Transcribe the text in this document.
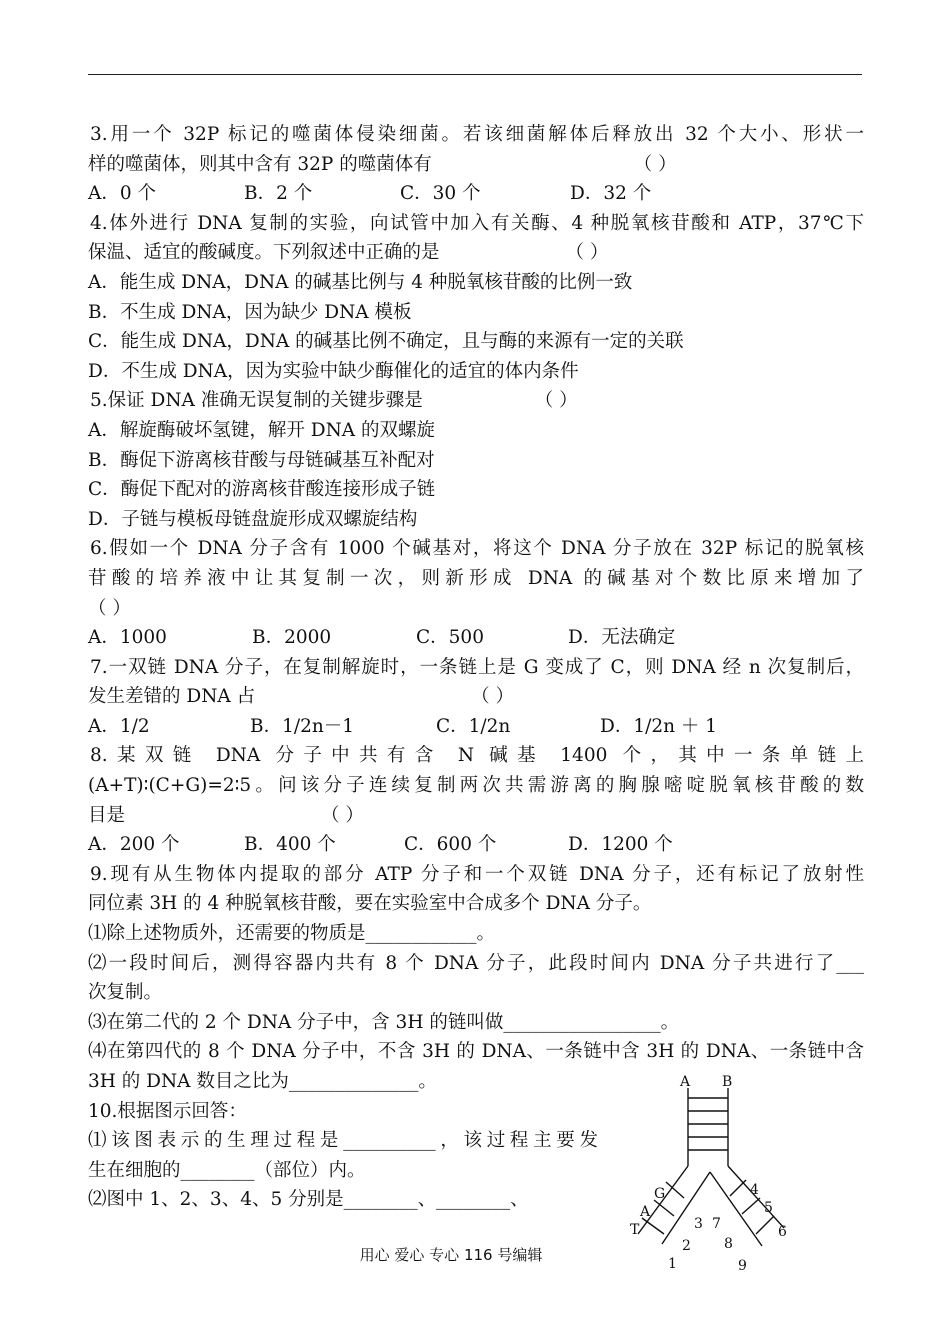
3.用一个 32P 标记的噬菌体侵染细菌。若该细菌解体后释放出 32 个大小、形状一
样的噬菌体，则其中含有 32P 的噬菌体有	（ ）
A．0 个	B．2 个	C．30 个	D．32 个
4.体外进行 DNA 复制的实验，向试管中加入有关酶、4 种脱氧核苷酸和 ATP，37℃下
保温、适宜的酸碱度。下列叙述中正确的是	（ ）
A．能生成 DNA，DNA 的碱基比例与 4 种脱氧核苷酸的比例一致
B．不生成 DNA，因为缺少 DNA 模板
C．能生成 DNA，DNA 的碱基比例不确定，且与酶的来源有一定的关联
D．不生成 DNA，因为实验中缺少酶催化的适宜的体内条件
5.保证 DNA 准确无误复制的关键步骤是	（ ）
A．解旋酶破坏氢键，解开 DNA 的双螺旋
B．酶促下游离核苷酸与母链碱基互补配对
C．酶促下配对的游离核苷酸连接形成子链
D．子链与模板母链盘旋形成双螺旋结构
6.假如一个 DNA 分子含有 1000 个碱基对，将这个 DNA 分子放在 32P 标记的脱氧核
苷酸的培养液中让其复制一次，则新形成 DNA 的碱基对个数比原来增加了
（ ）
A．1000	B．2000	C．500	D．无法确定
7.一双链 DNA 分子，在复制解旋时，一条链上是 G 变成了 C，则 DNA 经 n 次复制后，
发生差错的 DNA 占	（ ）
A．1/2	B．1/2n－1	C．1/2n	D．1/2n ＋ 1
8.某双链 DNA 分子中共有含 N 碱基 1400 个，其中一条单链上
(A+T)∶(C+G)=2∶5。问该分子连续复制两次共需游离的胸腺嘧啶脱氧核苷酸的数
目是	（ ）
A．200 个	B．400 个	C．600 个	D．1200 个
9.现有从生物体内提取的部分 ATP 分子和一个双链 DNA 分子，还有标记了放射性
同位素 3H 的 4 种脱氧核苷酸，要在实验室中合成多个 DNA 分子。
⑴除上述物质外，还需要的物质是____________。
⑵一段时间后，测得容器内共有 8 个 DNA 分子，此段时间内 DNA 分子共进行了___
次复制。
⑶在第二代的 2 个 DNA 分子中，含 3H 的链叫做_________________。
⑷在第四代的 8 个 DNA 分子中，不含 3H 的 DNA、一条链中含 3H 的 DNA、一条链中含
3H 的 DNA 数目之比为______________。
10.根据图示回答：
⑴该图表示的生理过程是__________，该过程主要发
生在细胞的________（部位）内。
⑵图中 1、2、3、4、5 分别是________、________、
A B
G
A
T
1
2
3
4
5
6
7
8
9
用心 爱心 专心 116 号编辑
